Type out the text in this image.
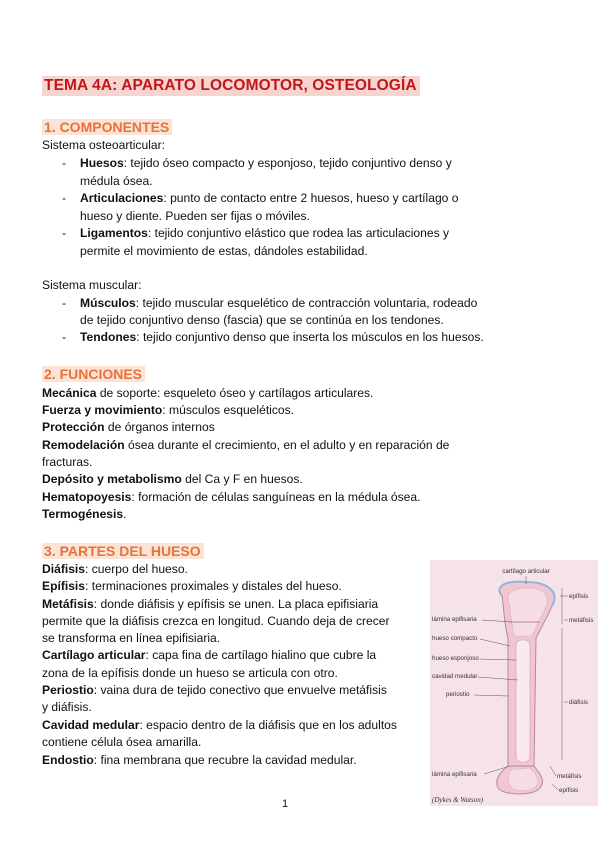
TEMA 4A: APARATO LOCOMOTOR, OSTEOLOGÍA
1. COMPONENTES
Sistema osteoarticular:
- Huesos: tejido óseo compacto y esponjoso, tejido conjuntivo denso y
médula ósea.
- Articulaciones: punto de contacto entre 2 huesos, hueso y cartílago o
hueso y diente. Pueden ser fijas o móviles.
- Ligamentos: tejido conjuntivo elástico que rodea las articulaciones y
permite el movimiento de estas, dándoles estabilidad.
Sistema muscular:
- Músculos: tejido muscular esquelético de contracción voluntaria, rodeado
de tejido conjuntivo denso (fascia) que se continúa en los tendones.
- Tendones: tejido conjuntivo denso que inserta los músculos en los huesos.
2. FUNCIONES
Mecánica de soporte: esqueleto óseo y cartílagos articulares.
Fuerza y movimiento: músculos esqueléticos.
Protección de órganos internos
Remodelación ósea durante el crecimiento, en el adulto y en reparación de
fracturas.
Depósito y metabolismo del Ca y F en huesos.
Hematopoyesis: formación de células sanguíneas en la médula ósea.
Termogénesis.
3. PARTES DEL HUESO
Diáfisis: cuerpo del hueso.
Epífisis: terminaciones proximales y distales del hueso.
Metáfisis: donde diáfisis y epífisis se unen. La placa epifisiaria
permite que la diáfisis crezca en longitud. Cuando deja de crecer
se transforma en línea epifisiaria.
Cartílago articular: capa fina de cartílago hialino que cubre la
zona de la epífisis donde un hueso se articula con otro.
Periostio: vaina dura de tejido conectivo que envuelve metáfisis
y diáfisis.
Cavidad medular: espacio dentro de la diáfisis que en los adultos
contiene célula ósea amarilla.
Endostio: fina membrana que recubre la cavidad medular.
cartílago articular
lámina epifisaria
hueso compacto
hueso esponjoso
cavidad medular
periostio
lámina epifisaria
epífisis
metáfisis
diáfisis
metáfisis
epífisis
(Dykes & Watson)
1
